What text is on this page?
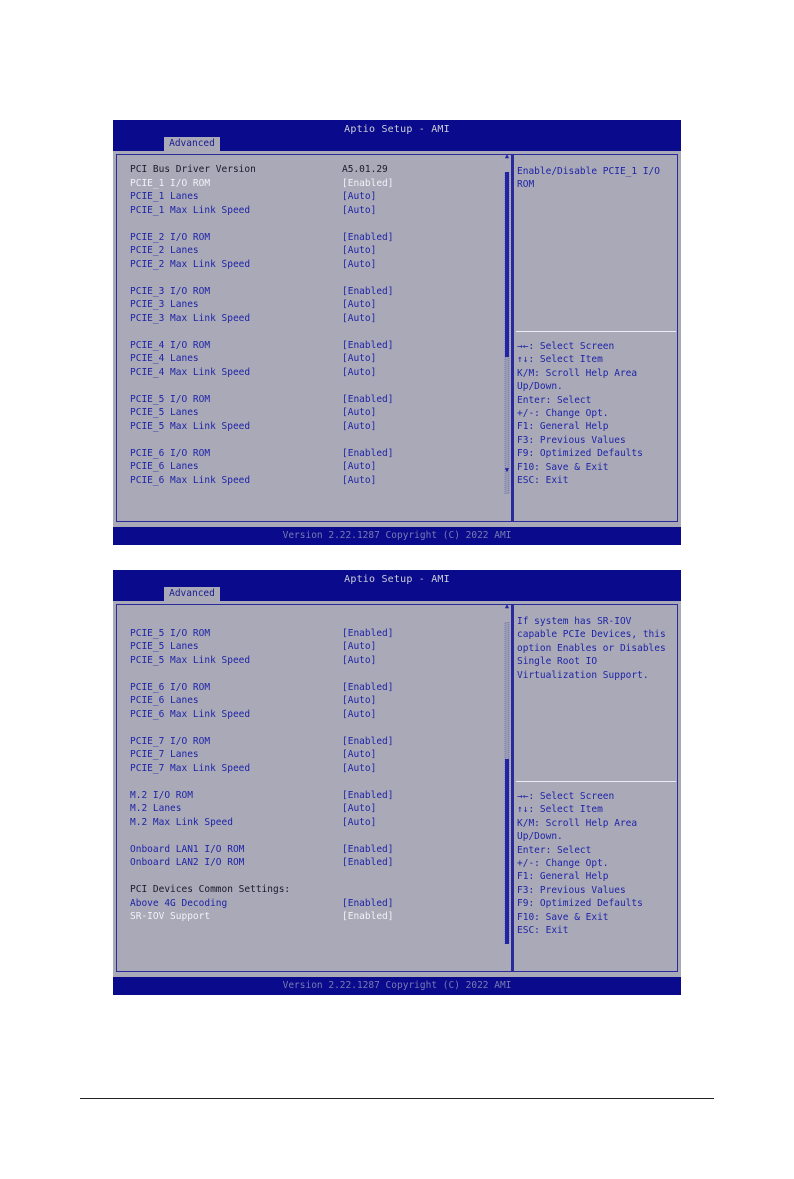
Aptio Setup - AMI
Advanced
PCI Bus Driver Version	A5.01.29
PCIE_1 I/O ROM	[Enabled]
PCIE_1 Lanes	[Auto]
PCIE_1 Max Link Speed	[Auto]
PCIE_2 I/O ROM	[Enabled]
PCIE_2 Lanes	[Auto]
PCIE_2 Max Link Speed	[Auto]
PCIE_3 I/O ROM	[Enabled]
PCIE_3 Lanes	[Auto]
PCIE_3 Max Link Speed	[Auto]
PCIE_4 I/O ROM	[Enabled]
PCIE_4 Lanes	[Auto]
PCIE_4 Max Link Speed	[Auto]
PCIE_5 I/O ROM	[Enabled]
PCIE_5 Lanes	[Auto]
PCIE_5 Max Link Speed	[Auto]
PCIE_6 I/O ROM	[Enabled]
PCIE_6 Lanes	[Auto]
PCIE_6 Max Link Speed	[Auto]
Enable/Disable PCIE_1 I/O
ROM
→←: Select Screen
↑↓: Select Item
K/M: Scroll Help Area
Up/Down.
Enter: Select
+/-: Change Opt.
F1: General Help
F3: Previous Values
F9: Optimized Defaults
F10: Save & Exit
ESC: Exit
▲
▼
Version 2.22.1287 Copyright (C) 2022 AMI
Aptio Setup - AMI
Advanced
PCIE_5 I/O ROM	[Enabled]
PCIE_5 Lanes	[Auto]
PCIE_5 Max Link Speed	[Auto]
PCIE_6 I/O ROM	[Enabled]
PCIE_6 Lanes	[Auto]
PCIE_6 Max Link Speed	[Auto]
PCIE_7 I/O ROM	[Enabled]
PCIE_7 Lanes	[Auto]
PCIE_7 Max Link Speed	[Auto]
M.2 I/O ROM	[Enabled]
M.2 Lanes	[Auto]
M.2 Max Link Speed	[Auto]
Onboard LAN1 I/O ROM	[Enabled]
Onboard LAN2 I/O ROM	[Enabled]
PCI Devices Common Settings:
Above 4G Decoding	[Enabled]
SR-IOV Support	[Enabled]
If system has SR-IOV
capable PCIe Devices, this
option Enables or Disables
Single Root IO
Virtualization Support.
→←: Select Screen
↑↓: Select Item
K/M: Scroll Help Area
Up/Down.
Enter: Select
+/-: Change Opt.
F1: General Help
F3: Previous Values
F9: Optimized Defaults
F10: Save & Exit
ESC: Exit
▲
▼
Version 2.22.1287 Copyright (C) 2022 AMI
